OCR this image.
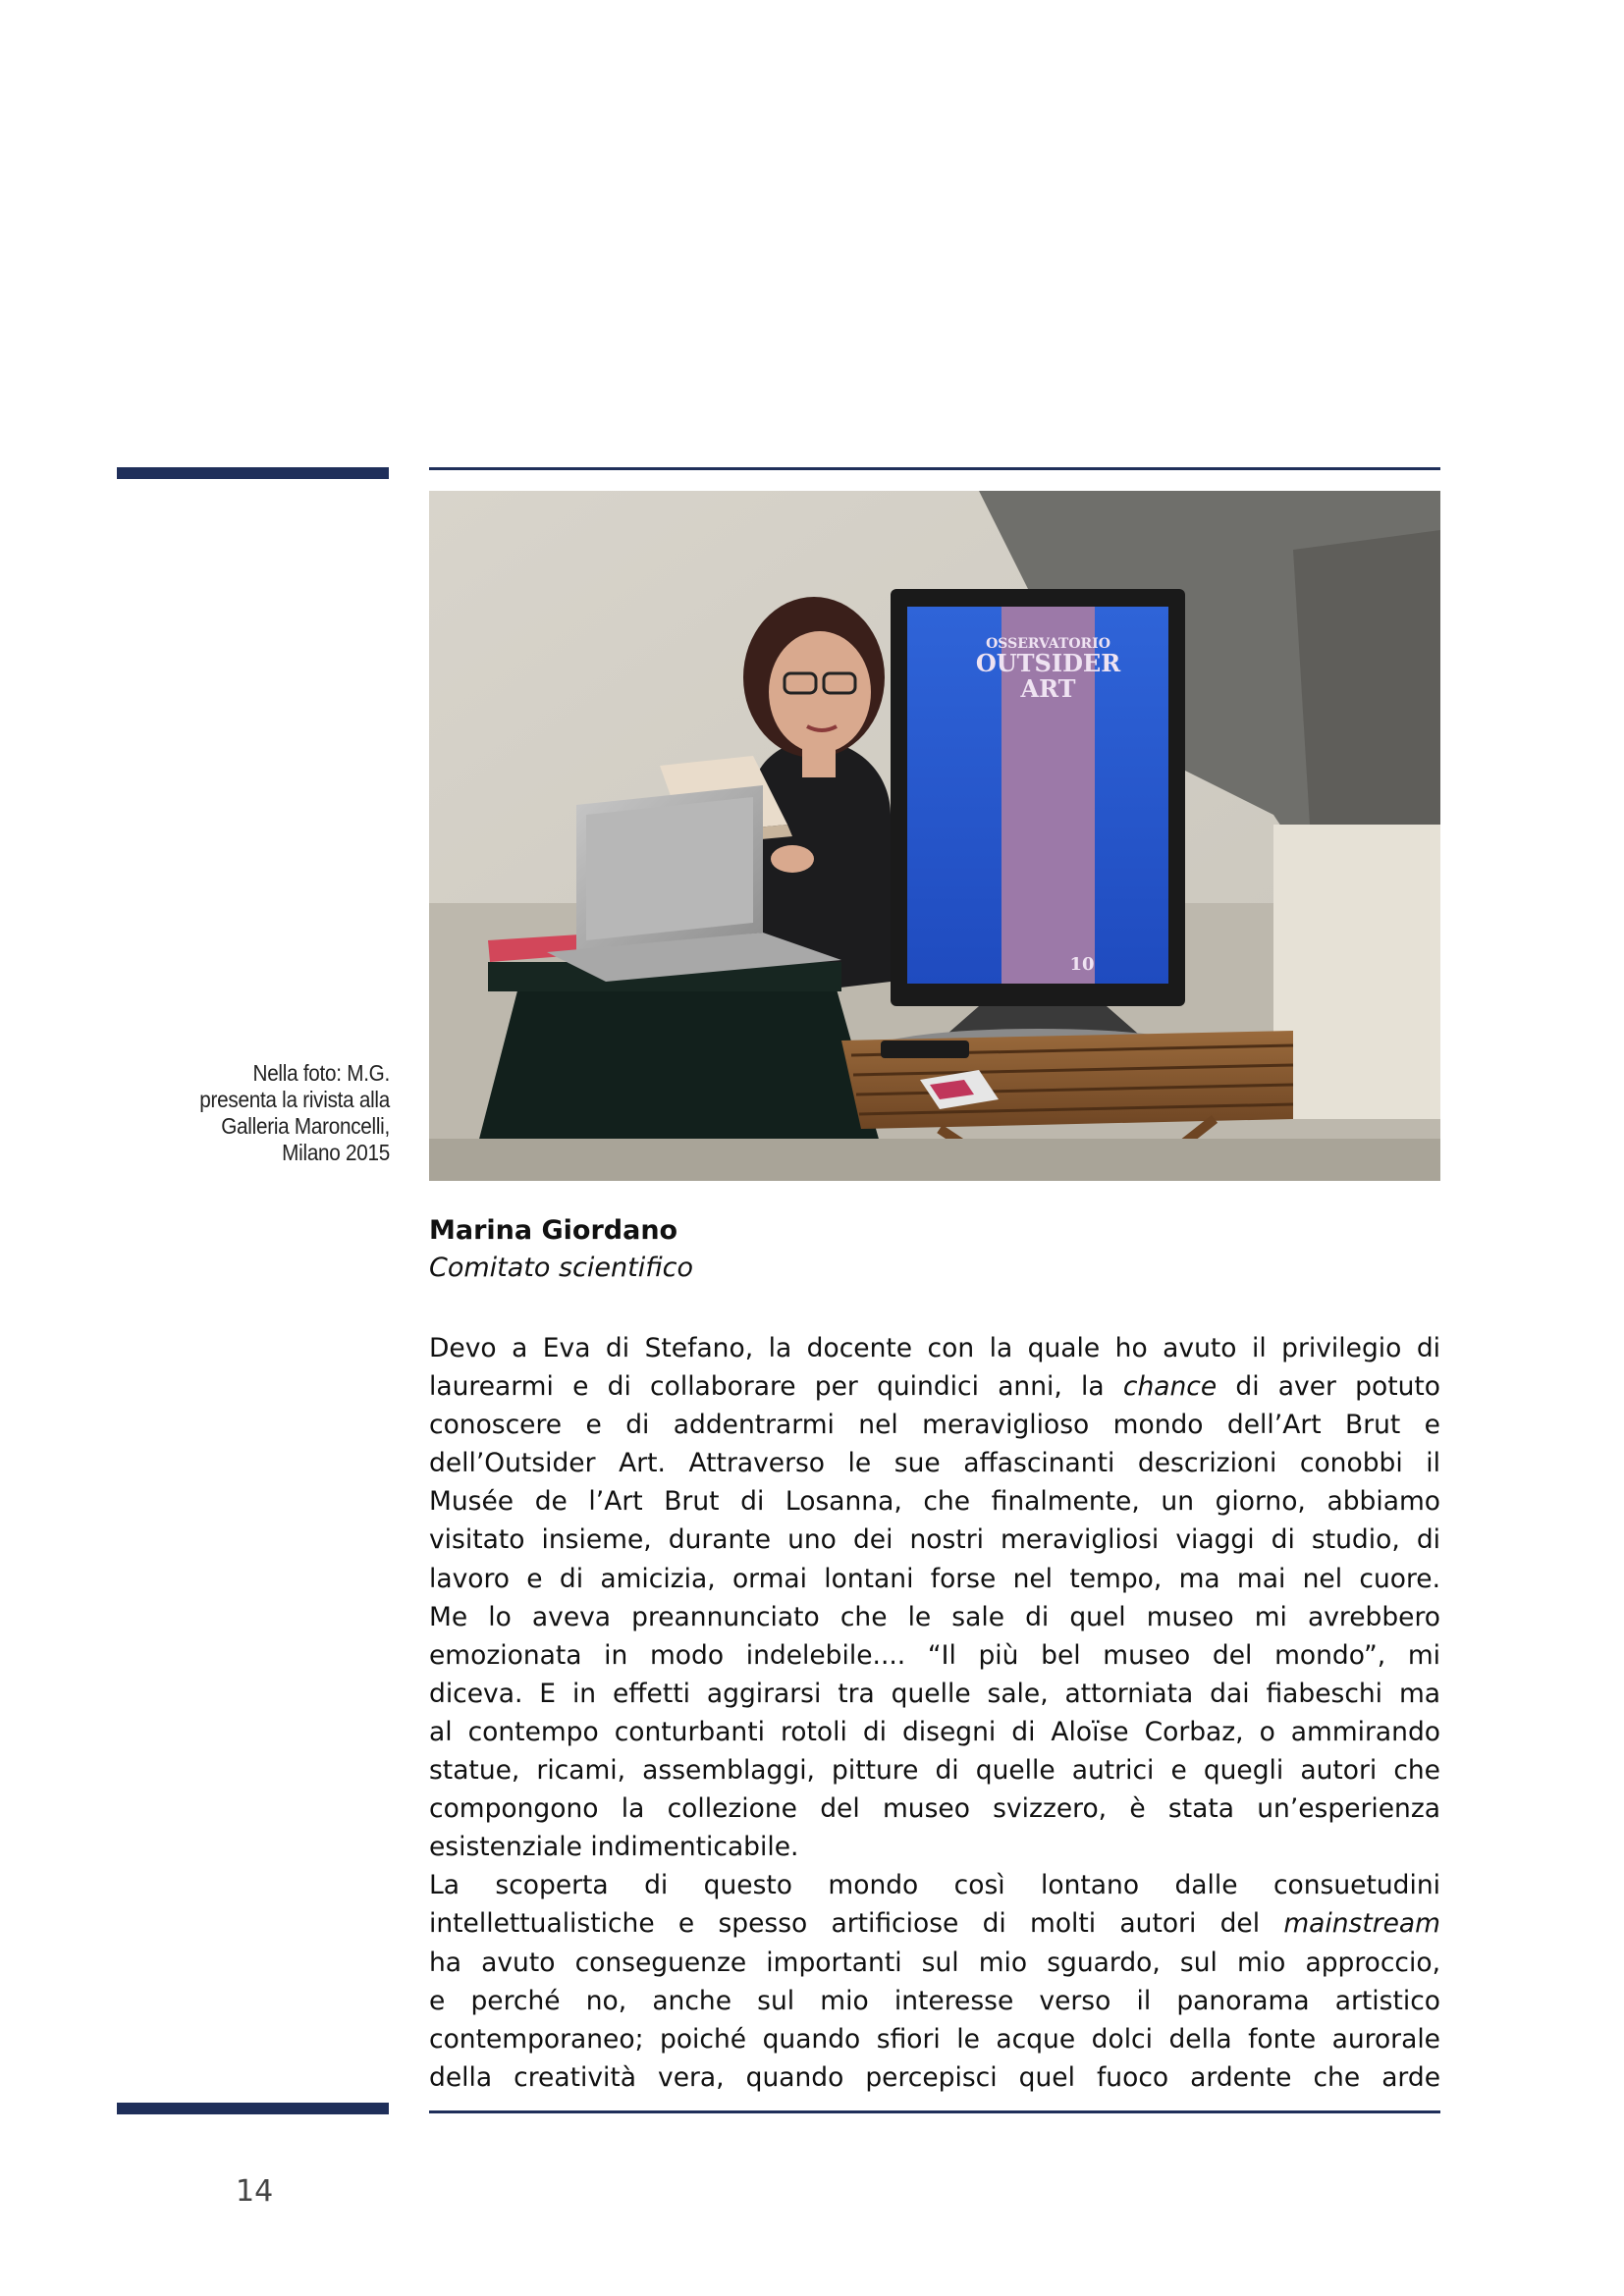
OSSERVATORIO
OUTSIDER
ART
10
Nella foto: M.G.
presenta la rivista alla
Galleria Maroncelli,
Milano 2015
Marina Giordano
Comitato scientifico
Devo a Eva di Stefano, la docente con la quale ho avuto il privilegio di
laurearmi e di collaborare per quindici anni, la chance di aver potuto
conoscere e di addentrarmi nel meraviglioso mondo dell’Art Brut e
dell’Outsider Art. Attraverso le sue affascinanti descrizioni conobbi il
Musée de l’Art Brut di Losanna, che finalmente, un giorno, abbiamo
visitato insieme, durante uno dei nostri meravigliosi viaggi di studio, di
lavoro e di amicizia, ormai lontani forse nel tempo, ma mai nel cuore.
Me lo aveva preannunciato che le sale di quel museo mi avrebbero
emozionata in modo indelebile.... “Il più bel museo del mondo”, mi
diceva. E in effetti aggirarsi tra quelle sale, attorniata dai fiabeschi ma
al contempo conturbanti rotoli di disegni di Aloïse Corbaz, o ammirando
statue, ricami, assemblaggi, pitture di quelle autrici e quegli autori che
compongono la collezione del museo svizzero, è stata un’esperienza
esistenziale indimenticabile.
La scoperta di questo mondo così lontano dalle consuetudini
intellettualistiche e spesso artificiose di molti autori del mainstream
ha avuto conseguenze importanti sul mio sguardo, sul mio approccio,
e perché no, anche sul mio interesse verso il panorama artistico
contemporaneo; poiché quando sfiori le acque dolci della fonte aurorale
della creatività vera, quando percepisci quel fuoco ardente che arde
14
